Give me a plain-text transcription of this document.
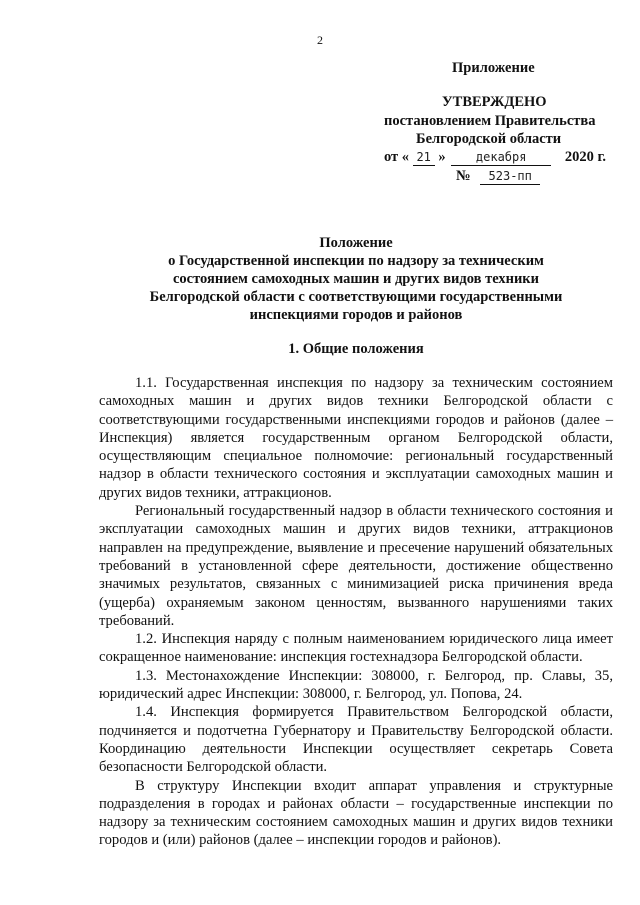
2
Приложение
УТВЕРЖДЕНО
постановлением Правительства
Белгородской области
от « 21 »	декабря	2020 г.
№ 523-пп
Положение
о Государственной инспекции по надзору за техническим
состоянием самоходных машин и других видов техники
Белгородской области с соответствующими государственными
инспекциями городов и районов
1. Общие положения

1.1. Государственная инспекция по надзору за техническим состоянием самоходных машин и других видов техники Белгородской области с соответствующими государственными инспекциями городов и районов (далее – Инспекция) является государственным органом Белгородской области, осуществляющим специальное полномочие: региональный государственный надзор в области технического состояния и эксплуатации самоходных машин и других видов техники, аттракционов.

Региональный государственный надзор в области технического состояния и эксплуатации самоходных машин и других видов техники, аттракционов направлен на предупреждение, выявление и пресечение нарушений обязательных требований в установленной сфере деятельности, достижение общественно значимых результатов, связанных с минимизацией риска причинения вреда (ущерба) охраняемым законом ценностям, вызванного нарушениями таких требований.

1.2. Инспекция наряду с полным наименованием юридического лица имеет сокращенное наименование: инспекция гостехнадзора Белгородской области.

1.3. Местонахождение Инспекции: 308000, г. Белгород, пр. Славы, 35, юридический адрес Инспекции: 308000, г. Белгород, ул. Попова, 24.

1.4. Инспекция формируется Правительством Белгородской области, подчиняется и подотчетна Губернатору и Правительству Белгородской области. Координацию деятельности Инспекции осуществляет секретарь Совета безопасности Белгородской области.

В структуру Инспекции входит аппарат управления и структурные подразделения в городах и районах области – государственные инспекции по надзору за техническим состоянием самоходных машин и других видов техники городов и (или) районов (далее – инспекции городов и районов).
